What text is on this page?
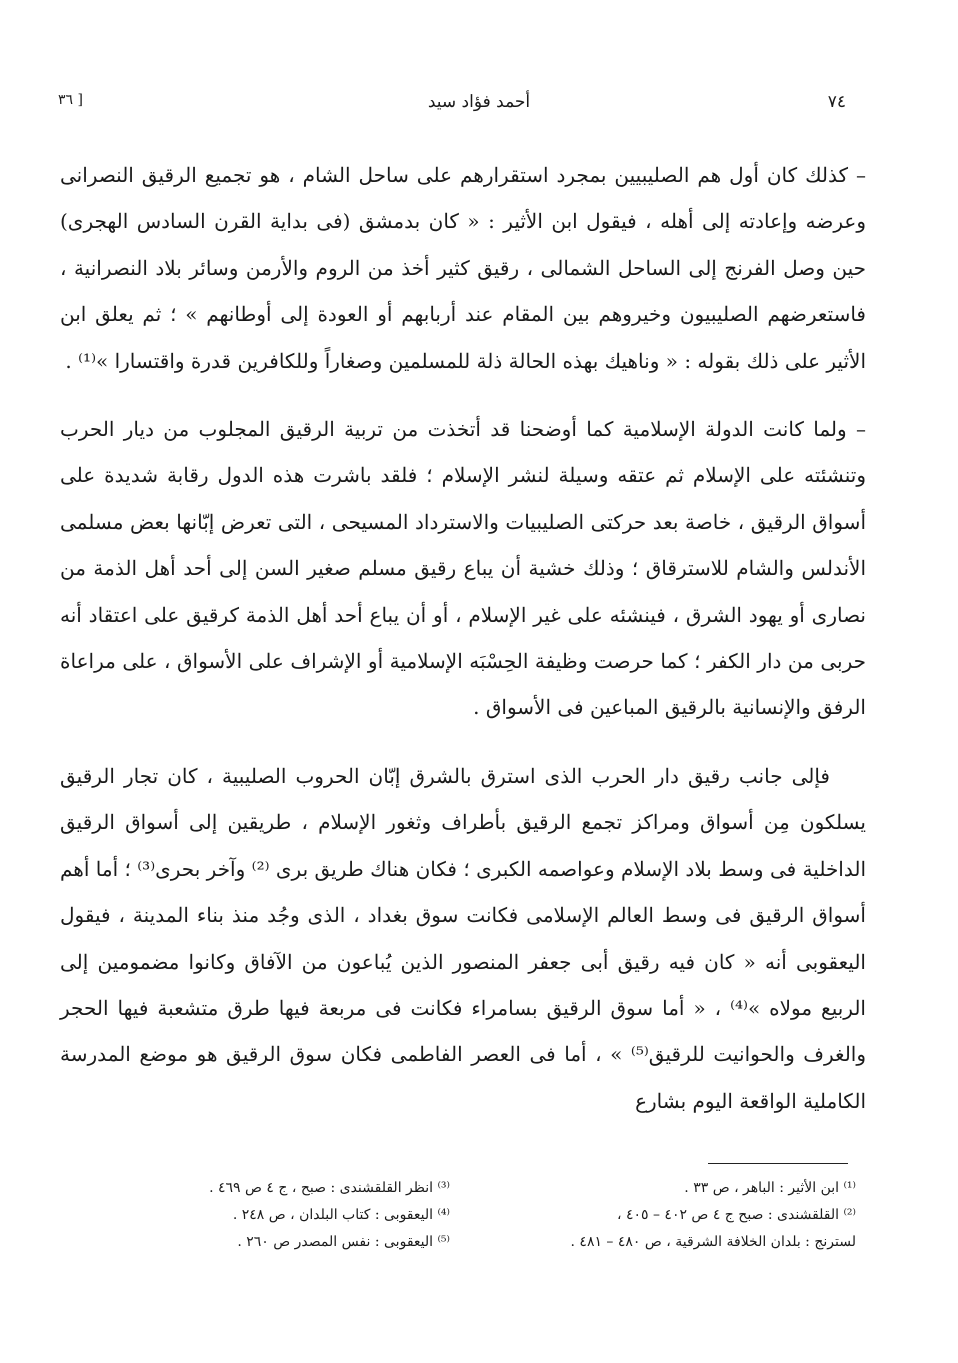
٧٤
أحمد فؤاد سيد
٣٦ ]

– كذلك كان أول هم الصليبيين بمجرد استقرارهم على ساحل الشام ، هو تجميع الرقيق النصرانى وعرضه وإعادته إلى أهله ، فيقول ابن الأثير : « كان بدمشق (فى بداية القرن السادس الهجرى) حين وصل الفرنج إلى الساحل الشمالى ، رقيق كثير أخذ من الروم والأرمن وسائر بلاد النصرانية ، فاستعرضهم الصليبيون وخيروهم بين المقام عند أربابهم أو العودة إلى أوطانهم » ؛ ثم يعلق ابن الأثير على ذلك بقوله : « وناهيك بهذه الحالة ذلة للمسلمين وصغاراً وللكافرين قدرة واقتسارا »⁽¹⁾ .

– ولما كانت الدولة الإسلامية كما أوضحنا قد أتخذت من تربية الرقيق المجلوب من ديار الحرب وتنشئته على الإسلام ثم عتقه وسيلة لنشر الإسلام ؛ فلقد باشرت هذه الدول رقابة شديدة على أسواق الرقيق ، خاصة بعد حركتى الصليبيات والاسترداد المسيحى ، التى تعرض إبّانها بعض مسلمى الأندلس والشام للاسترقاق ؛ وذلك خشية أن يباع رقيق مسلم صغير السن إلى أحد أهل الذمة من نصارى أو يهود الشرق ، فينشئه على غير الإسلام ، أو أن يباع أحد أهل الذمة كرقيق على اعتقاد أنه حربى من دار الكفر ؛ كما حرصت وظيفة الحِسْبَه الإسلامية أو الإشراف على الأسواق ، على مراعاة الرفق والإنسانية بالرقيق المباعين فى الأسواق .

فإلى جانب رقيق دار الحرب الذى استرق بالشرق إبّان الحروب الصليبية ، كان تجار الرقيق يسلكون مِن أسواق ومراكز تجمع الرقيق بأطراف وثغور الإسلام ، طريقين إلى أسواق الرقيق الداخلية فى وسط بلاد الإسلام وعواصمه الكبرى ؛ فكان هناك طريق برى ⁽²⁾ وآخر بحرى⁽³⁾ ؛ أما أهم أسواق الرقيق فى وسط العالم الإسلامى فكانت سوق بغداد ، الذى وجُد منذ بناء المدينة ، فيقول اليعقوبى أنه « كان فيه رقيق أبى جعفر المنصور الذين يُباعون من الآفاق وكانوا مضمومين إلى الربيع مولاه »⁽⁴⁾ ، « أما سوق الرقيق بسامراء فكانت فى مربعة فيها طرق متشعبة فيها الحجر والغرف والحوانيت للرقيق⁽⁵⁾ » ، أما فى العصر الفاطمى فكان سوق الرقيق هو موضع المدرسة الكاملية الواقعة اليوم بشارع

⁽¹⁾ ابن الأثير : الباهر ، ص ٣٣ .

⁽²⁾ القلقشندى : صبح ج ٤ ص ٤٠٢ – ٤٠٥ ،

لسترنج : بلدان الخلافة الشرقية ، ص ٤٨٠ – ٤٨١ .

⁽³⁾ انظر القلقشندى : صبح ، ج ٤ ص ٤٦٩ .

⁽⁴⁾ اليعقوبى : كتاب البلدان ، ص ٢٤٨ .

⁽⁵⁾ اليعقوبى : نفس المصدر ص ٢٦٠ .
